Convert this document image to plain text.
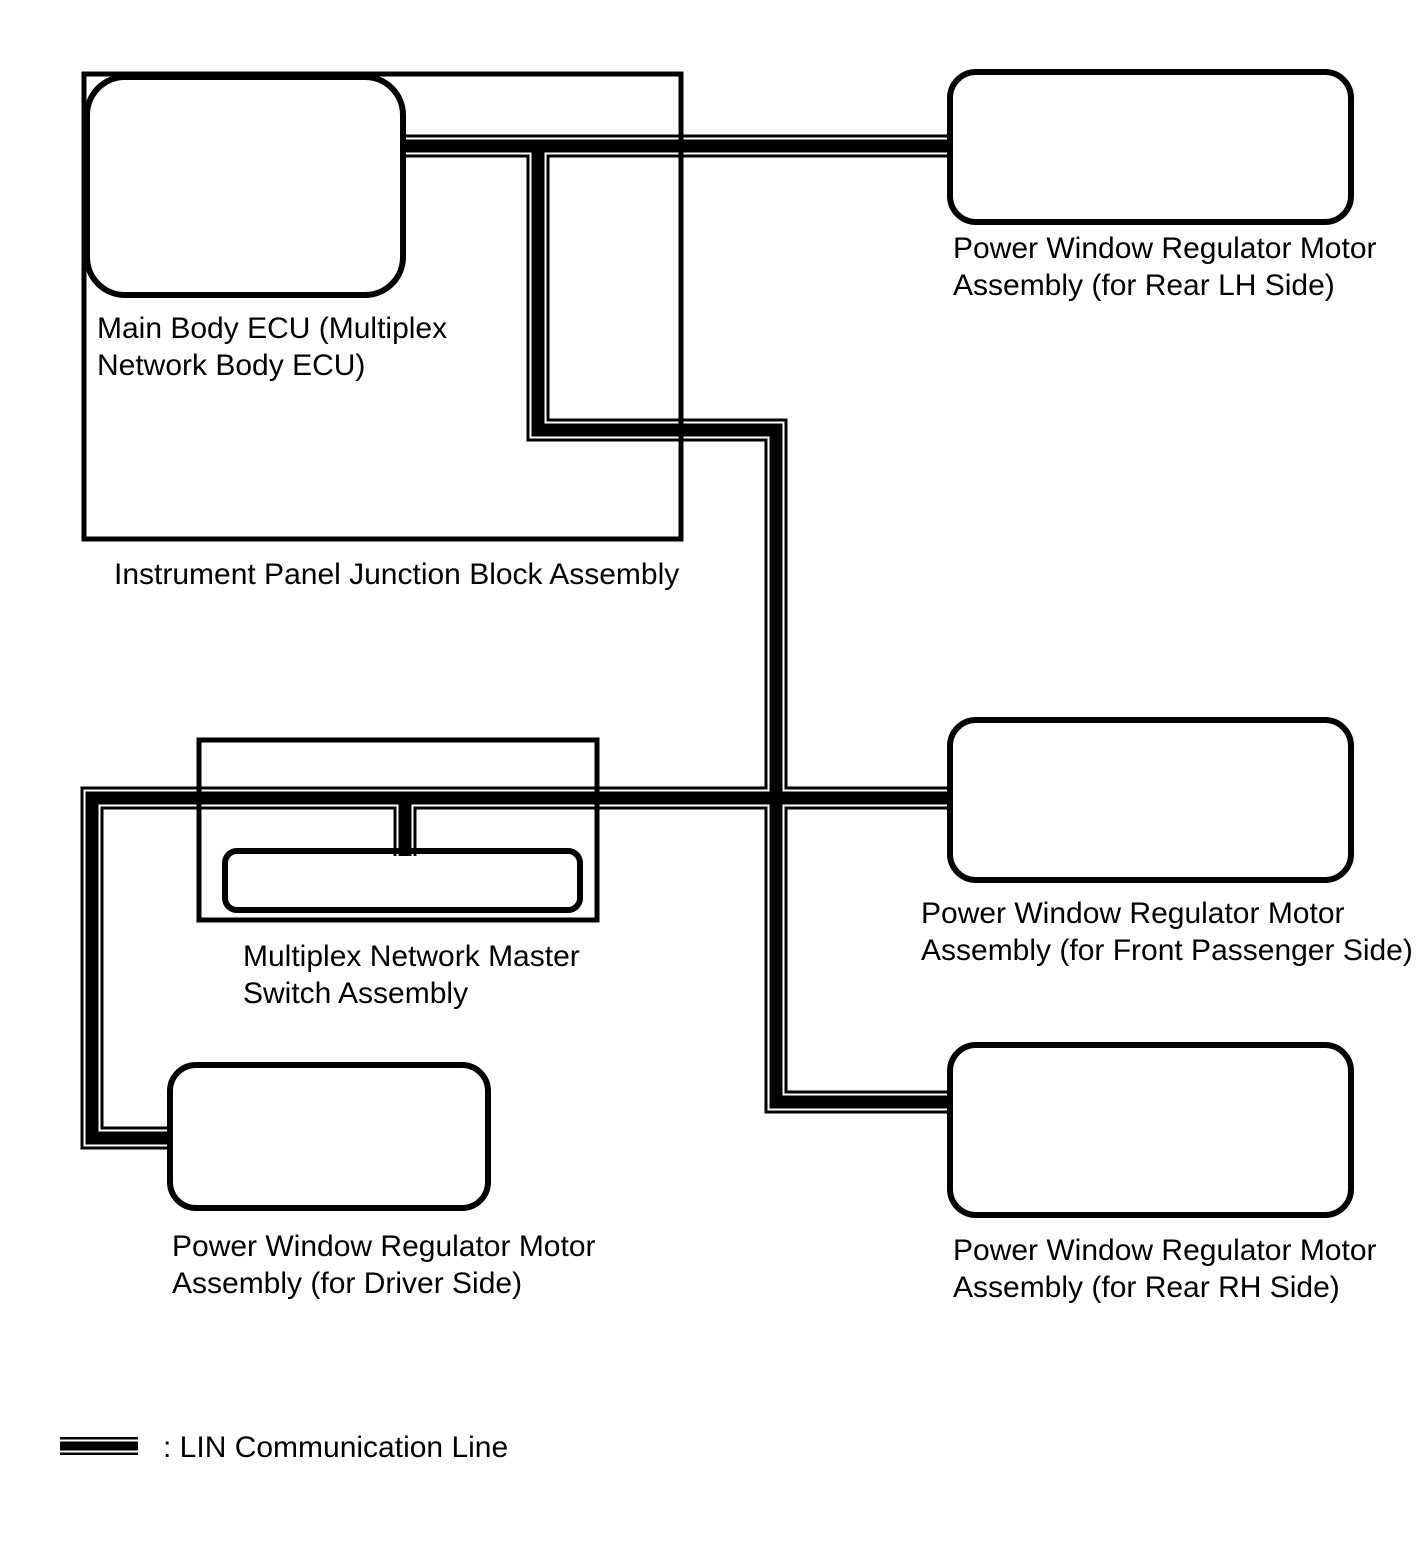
Main Body ECU (Multiplex
Network Body ECU)
Instrument Panel Junction Block Assembly
Power Window Regulator Motor
Assembly (for Rear LH Side)
Multiplex Network Master
Switch Assembly
Power Window Regulator Motor
Assembly (for Front Passenger Side)
Power Window Regulator Motor
Assembly (for Driver Side)
Power Window Regulator Motor
Assembly (for Rear RH Side)
: LIN Communication Line
